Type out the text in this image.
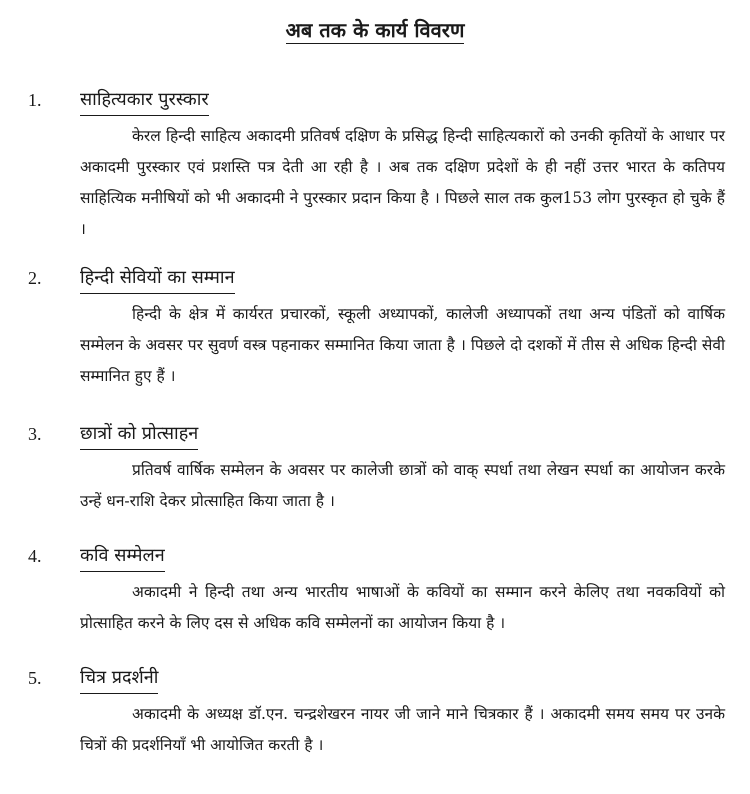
अब तक के कार्य विवरण
1. साहित्यकार पुरस्कार
केरल हिन्दी साहित्य अकादमी प्रतिवर्ष दक्षिण के प्रसिद्ध हिन्दी साहित्यकारों को उनकी कृतियों के आधार पर अकादमी पुरस्कार एवं प्रशस्ति पत्र देती आ रही है । अब तक दक्षिण प्रदेशों के ही नहीं उत्तर भारत के कतिपय साहित्यिक मनीषियों को भी अकादमी ने पुरस्कार प्रदान किया है । पिछले साल तक कुल153 लोग पुरस्कृत हो चुके हैं ।
2. हिन्दी सेवियों का सम्मान
हिन्दी के क्षेत्र में कार्यरत प्रचारकों, स्कूली अध्यापकों, कालेजी अध्यापकों तथा अन्य पंडितों को वार्षिक सम्मेलन के अवसर पर सुवर्ण वस्त्र पहनाकर सम्मानित किया जाता है । पिछले दो दशकों में तीस से अधिक हिन्दी सेवी सम्मानित हुए हैं ।
3. छात्रों को प्रोत्साहन
प्रतिवर्ष वार्षिक सम्मेलन के अवसर पर कालेजी छात्रों को वाक् स्पर्धा तथा लेखन स्पर्धा का आयोजन करके उन्हें धन-राशि देकर प्रोत्साहित किया जाता है ।
4. कवि सम्मेलन
अकादमी ने हिन्दी तथा अन्य भारतीय भाषाओं के कवियों का सम्मान करने केलिए तथा नवकवियों को प्रोत्साहित करने के लिए दस से अधिक कवि सम्मेलनों का आयोजन किया है ।
5. चित्र प्रदर्शनी
अकादमी के अध्यक्ष डॉ.एन. चन्द्रशेखरन नायर जी जाने माने चित्रकार हैं । अकादमी समय समय पर उनके चित्रों की प्रदर्शनियाँ भी आयोजित करती है ।
